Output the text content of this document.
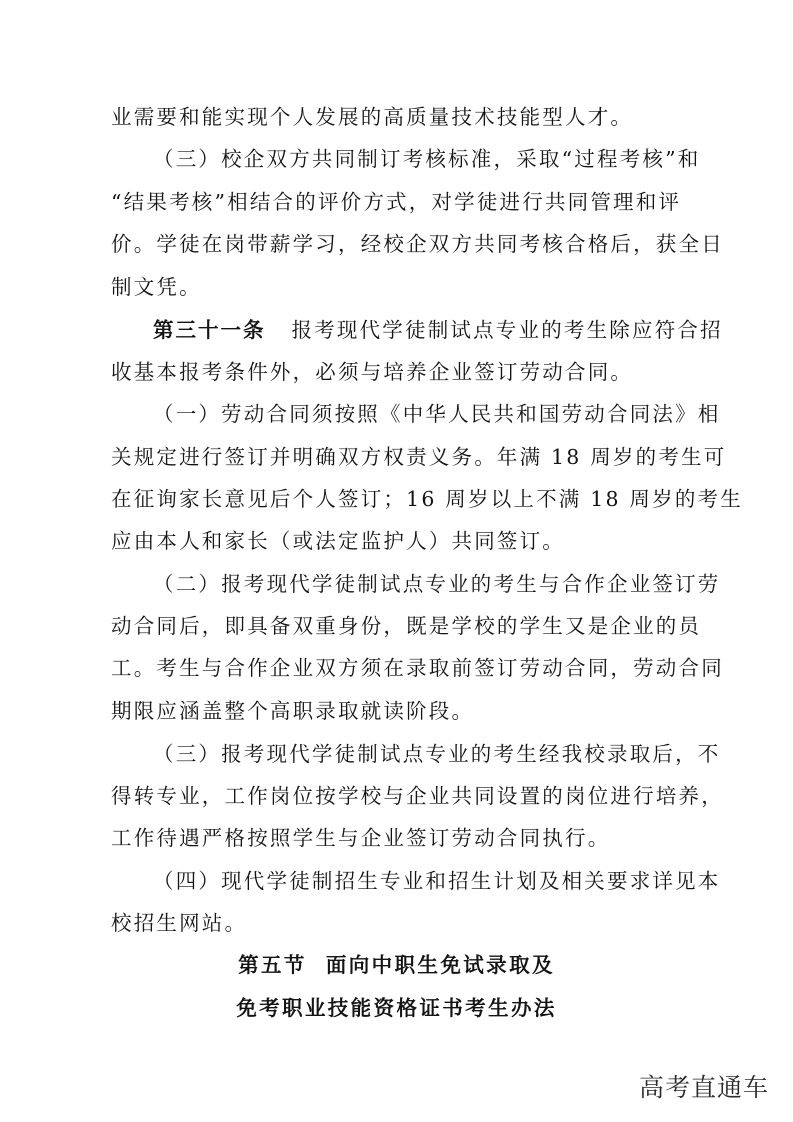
业需要和能实现个人发展的高质量技术技能型人才。
（三）校企双方共同制订考核标准，采取“过程考核”和
“结果考核”相结合的评价方式，对学徒进行共同管理和评
价。学徒在岗带薪学习，经校企双方共同考核合格后，获全日
制文凭。
第三十一条 报考现代学徒制试点专业的考生除应符合招
收基本报考条件外，必须与培养企业签订劳动合同。
（一）劳动合同须按照《中华人民共和国劳动合同法》相
关规定进行签订并明确双方权责义务。年满 18 周岁的考生可
在征询家长意见后个人签订；16 周岁以上不满 18 周岁的考生
应由本人和家长（或法定监护人）共同签订。
（二）报考现代学徒制试点专业的考生与合作企业签订劳
动合同后，即具备双重身份，既是学校的学生又是企业的员
工。考生与合作企业双方须在录取前签订劳动合同，劳动合同
期限应涵盖整个高职录取就读阶段。
（三）报考现代学徒制试点专业的考生经我校录取后，不
得转专业，工作岗位按学校与企业共同设置的岗位进行培养，
工作待遇严格按照学生与企业签订劳动合同执行。
（四）现代学徒制招生专业和招生计划及相关要求详见本
校招生网站。
第五节  面向中职生免试录取及
免考职业技能资格证书考生办法
高考直通车
